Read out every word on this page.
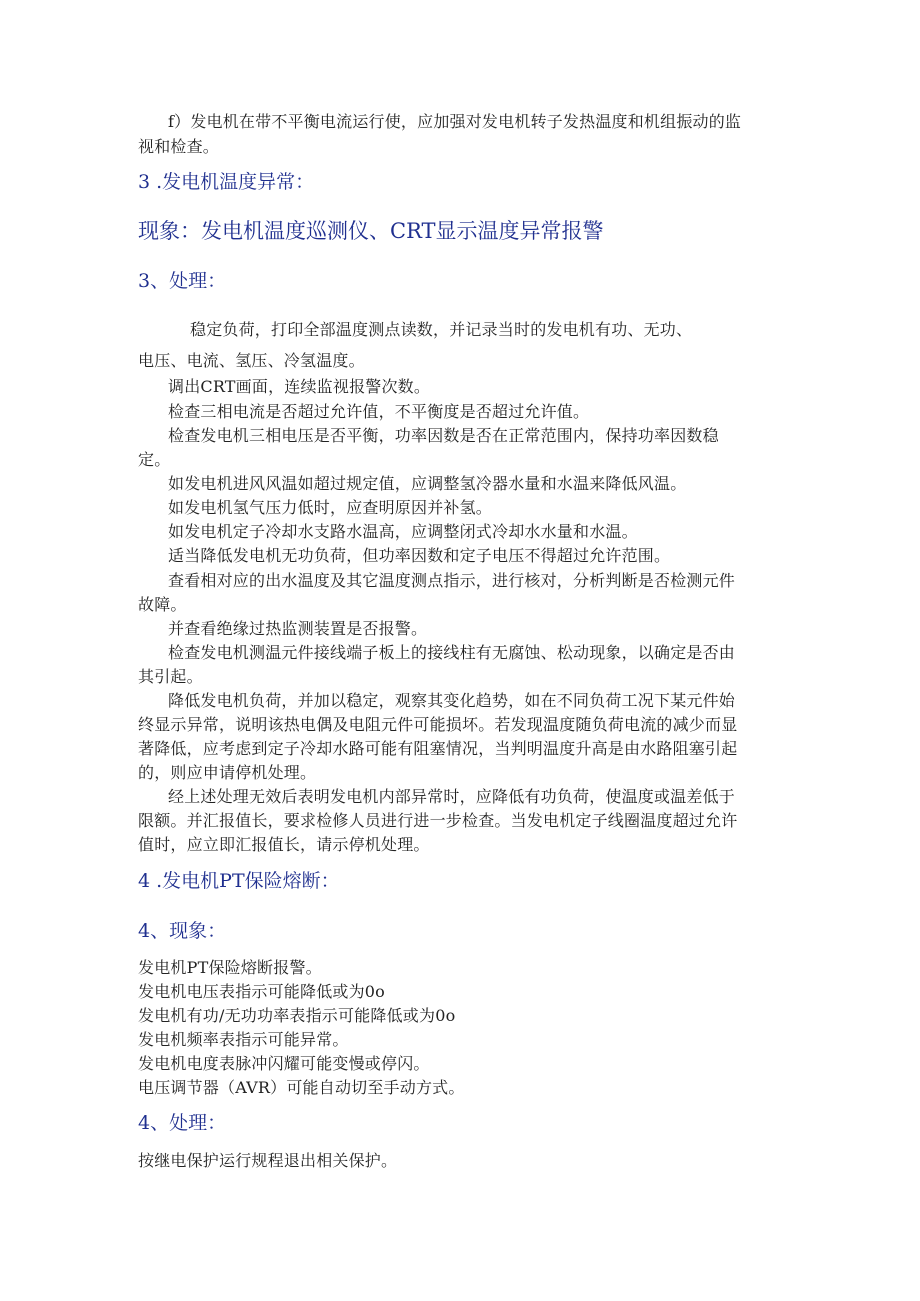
f）发电机在带不平衡电流运行使，应加强对发电机转子发热温度和机组振动的监
视和检查。
3 .发电机温度异常：
现象：发电机温度巡测仪、CRT显示温度异常报警
3、处理：
稳定负荷，打印全部温度测点读数，并记录当时的发电机有功、无功、
电压、电流、氢压、冷氢温度。
调出CRT画面，连续监视报警次数。
检查三相电流是否超过允许值，不平衡度是否超过允许值。
检查发电机三相电压是否平衡，功率因数是否在正常范围内，保持功率因数稳
定。
如发电机进风风温如超过规定值，应调整氢冷器水量和水温来降低风温。
如发电机氢气压力低时，应查明原因并补氢。
如发电机定子冷却水支路水温高，应调整闭式冷却水水量和水温。
适当降低发电机无功负荷，但功率因数和定子电压不得超过允许范围。
查看相对应的出水温度及其它温度测点指示，进行核对，分析判断是否检测元件
故障。
并查看绝缘过热监测装置是否报警。
检查发电机测温元件接线端子板上的接线柱有无腐蚀、松动现象，以确定是否由
其引起。
降低发电机负荷，并加以稳定，观察其变化趋势，如在不同负荷工况下某元件始
终显示异常，说明该热电偶及电阻元件可能损坏。若发现温度随负荷电流的减少而显
著降低，应考虑到定子冷却水路可能有阻塞情况，当判明温度升高是由水路阻塞引起
的，则应申请停机处理。
经上述处理无效后表明发电机内部异常时，应降低有功负荷，使温度或温差低于
限额。并汇报值长，要求检修人员进行进一步检查。当发电机定子线圈温度超过允许
值时，应立即汇报值长，请示停机处理。
4 .发电机PT保险熔断：
4、现象：
发电机PT保险熔断报警。
发电机电压表指示可能降低或为0o
发电机有功/无功功率表指示可能降低或为0o
发电机频率表指示可能异常。
发电机电度表脉冲闪耀可能变慢或停闪。
电压调节器（AVR）可能自动切至手动方式。
4、处理：
按继电保护运行规程退出相关保护。
